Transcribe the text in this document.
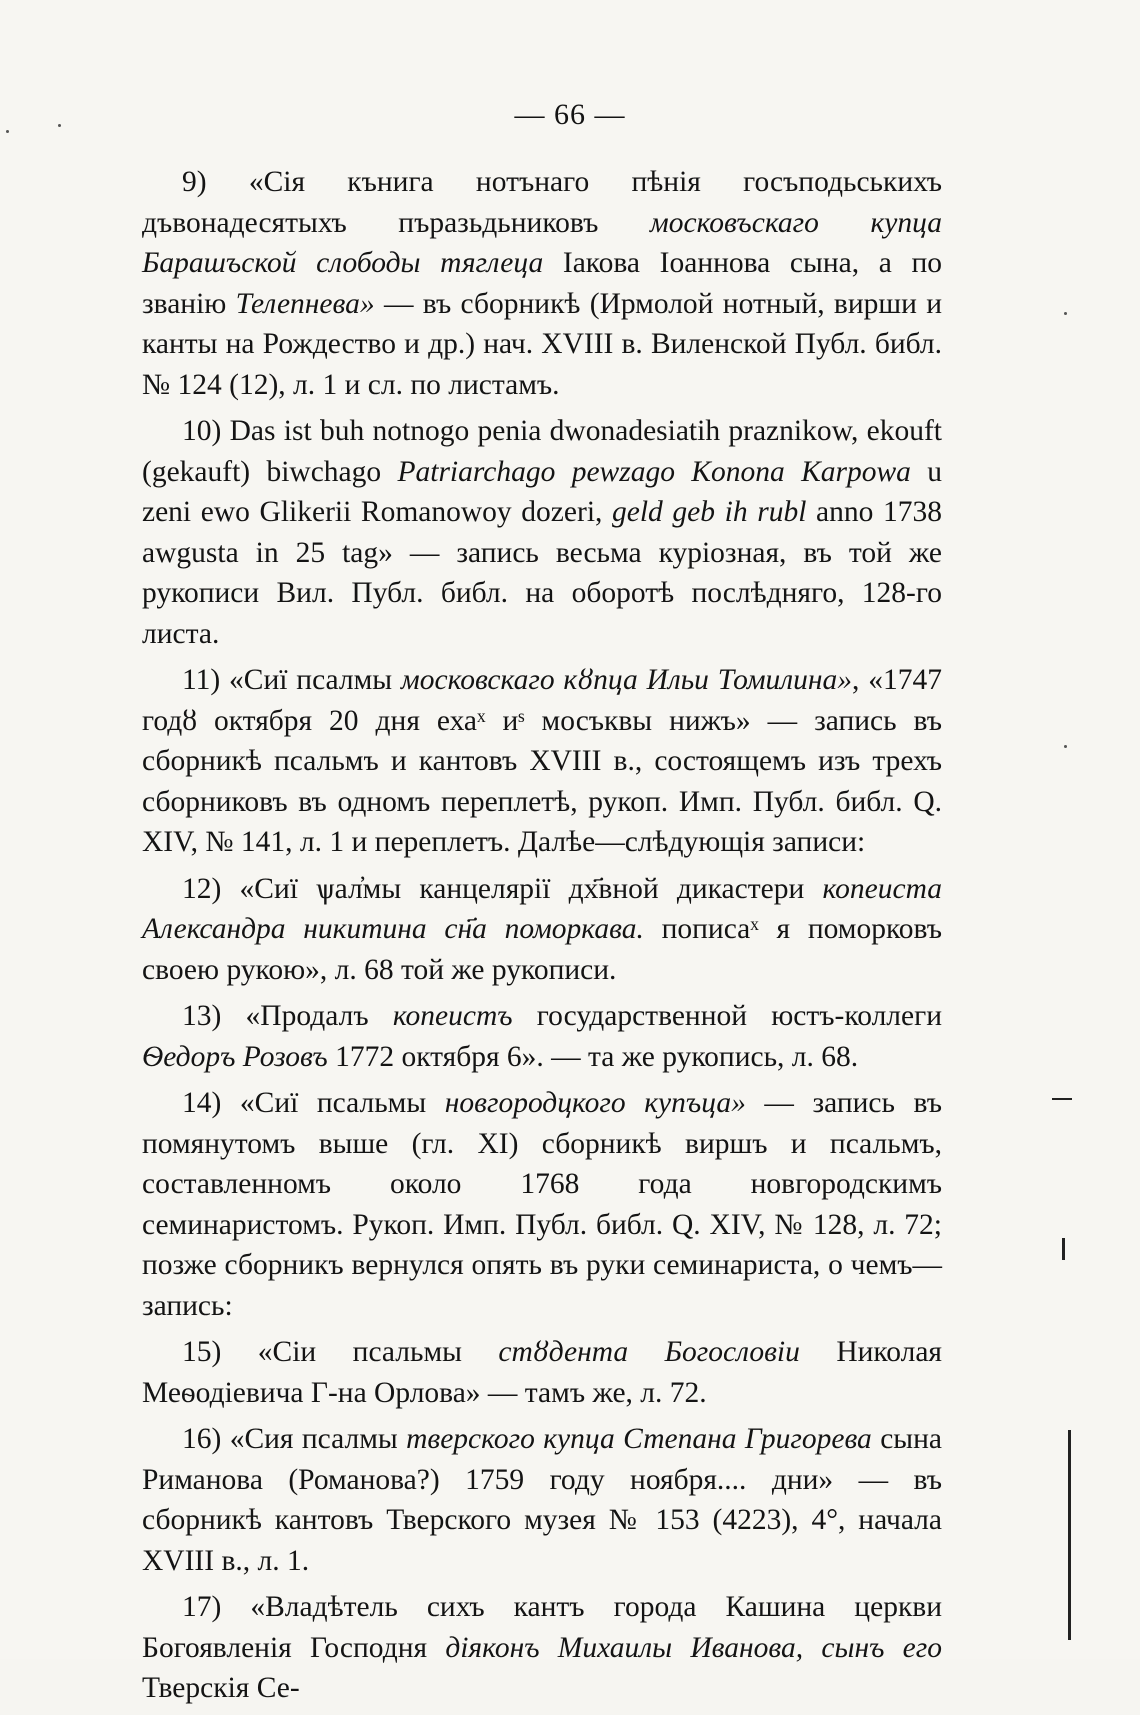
— 66 —

9) «Сія кънига нотънаго пѣнія госъподьськихъ дъвонадесятыхъ пъразьдьниковъ московъскаго купца Барашъской слободы тяглеца Іакова Іоаннова сына, а по званію Телепнева» — въ сборникѣ (Ирмолой нотный, вирши и канты на Рождество и др.) нач. XVIII в. Виленской Публ. библ. № 124 (12), л. 1 и сл. по листамъ.

10) Das ist buh notnogo penia dwonadesiatih praznikow, ekouft (gekauft) biwchago Patriarchago pewzago Konona Karpowa u zeni ewo Glikerii Romanowoy dozeri, geld geb ih rubl anno 1738 awgusta in 25 tag» — запись весьма куріозная, въ той же рукописи Вил. Публ. библ. на оборотѣ послѣдняго, 128-го листа.

11) «Сиї псалмы московскаго кȣпца Ильи Томилина», «1747 годȣ октября 20 дня ехаˣ иˢ мосъквы нижъ» — запись въ сборникѣ псальмъ и кантовъ XVIII в., состоящемъ изъ трехъ сборниковъ въ одномъ переплетѣ, рукоп. Имп. Публ. библ. Q. XIV, № 141, л. 1 и переплетъ. Далѣе—слѣдующія записи:

12) «Сиї ѱал҆мы канцелярiї дх҃вной дикастери копеиста Александра никитина сн҃а поморкава. пописаˣ я поморковъ своею рукою», л. 68 той же рукописи.

13) «Продалъ копеистъ государственной юстъ-коллеги Ѳедоръ Розовъ 1772 октября 6». — та же рукопись, л. 68.

14) «Сиї псальмы новгородцкого купъца» — запись въ помянутомъ выше (гл. XI) сборникѣ виршъ и псальмъ, составленномъ около 1768 года новгородскимъ семинаристомъ. Рукоп. Имп. Публ. библ. Q. XIV, № 128, л. 72; позже сборникъ вернулся опять въ руки семинариста, о чемъ—запись:

15) «Сiи псальмы стȣдента Богословiи Николая Меѳодiевича Г-на Орлова» — тамъ же, л. 72.

16) «Сия псалмы тверского купца Степана Григорева сына Риманова (Романова?) 1759 году ноября.... дни» — въ сборникѣ кантовъ Тверского музея № 153 (4223), 4°, начала XVIII в., л. 1.

17) «Владѣтель сихъ кантъ города Кашина церкви Богоявленія Господня дiяконъ Михаилы Иванова, сынъ его Тверскія Се-
